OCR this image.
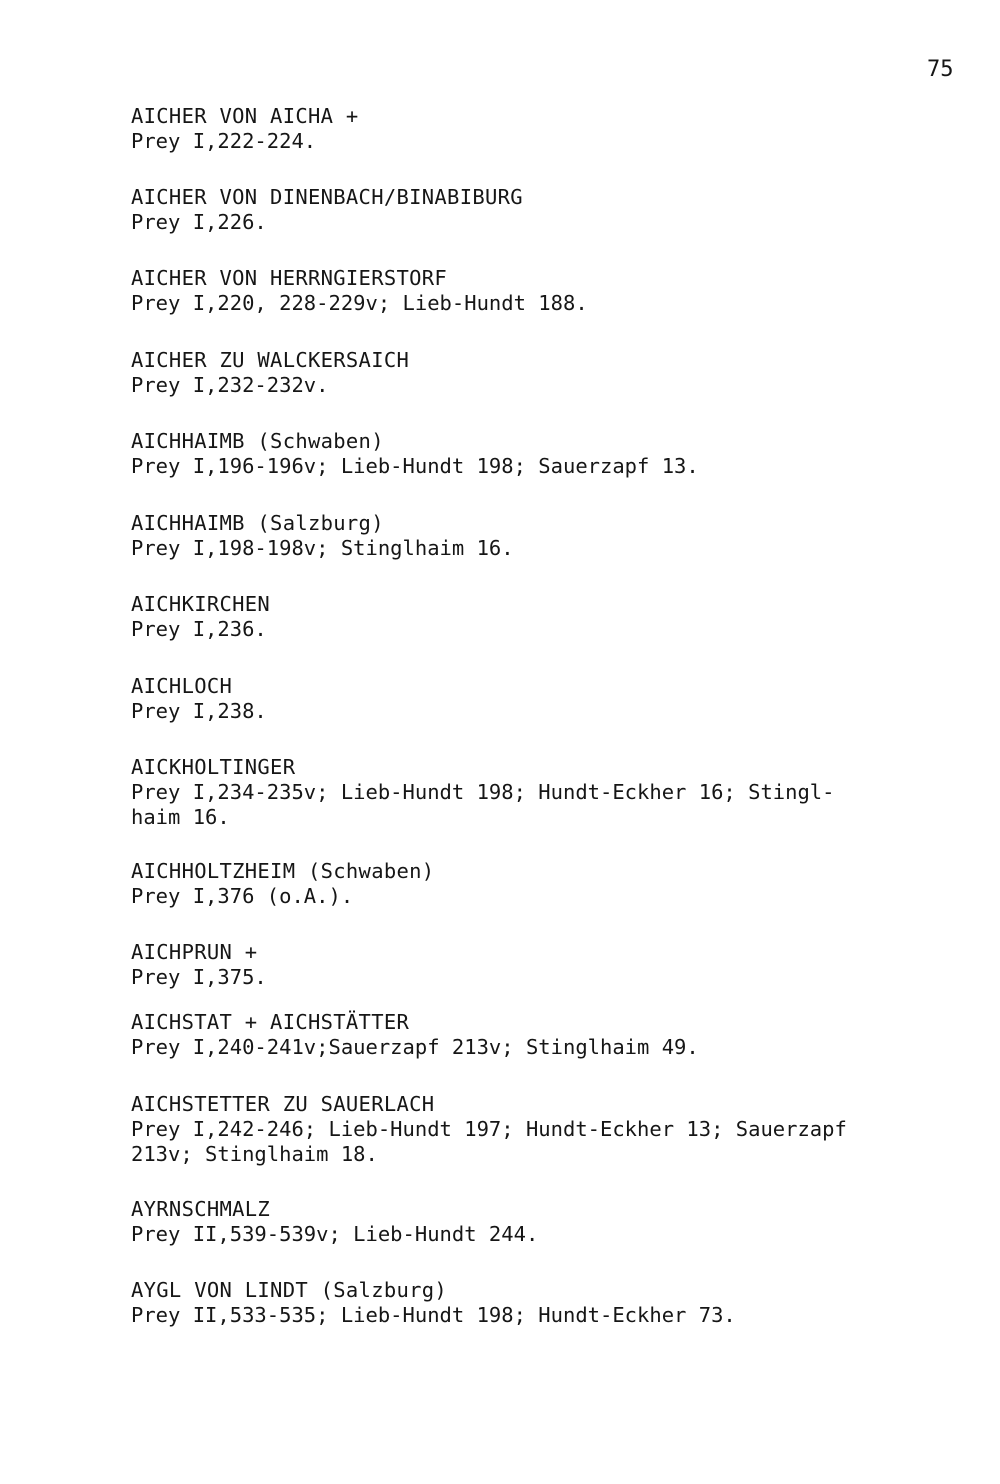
75
AICHER VON AICHA +
Prey I,222-224.
AICHER VON DINENBACH/BINABIBURG
Prey I,226.
AICHER VON HERRNGIERSTORF
Prey I,220, 228-229v; Lieb-Hundt 188.
AICHER ZU WALCKERSAICH
Prey I,232-232v.
AICHHAIMB (Schwaben)
Prey I,196-196v; Lieb-Hundt 198; Sauerzapf 13.
AICHHAIMB (Salzburg)
Prey I,198-198v; Stinglhaim 16.
AICHKIRCHEN
Prey I,236.
AICHLOCH
Prey I,238.
AICKHOLTINGER
Prey I,234-235v; Lieb-Hundt 198; Hundt-Eckher 16; Stingl-
haim 16.
AICHHOLTZHEIM (Schwaben)
Prey I,376 (o.A.).
AICHPRUN +
Prey I,375.
AICHSTAT + AICHSTÄTTER
Prey I,240-241v;Sauerzapf 213v; Stinglhaim 49.
AICHSTETTER ZU SAUERLACH
Prey I,242-246; Lieb-Hundt 197; Hundt-Eckher 13; Sauerzapf
213v; Stinglhaim 18.
AYRNSCHMALZ
Prey II,539-539v; Lieb-Hundt 244.
AYGL VON LINDT (Salzburg)
Prey II,533-535; Lieb-Hundt 198; Hundt-Eckher 73.
